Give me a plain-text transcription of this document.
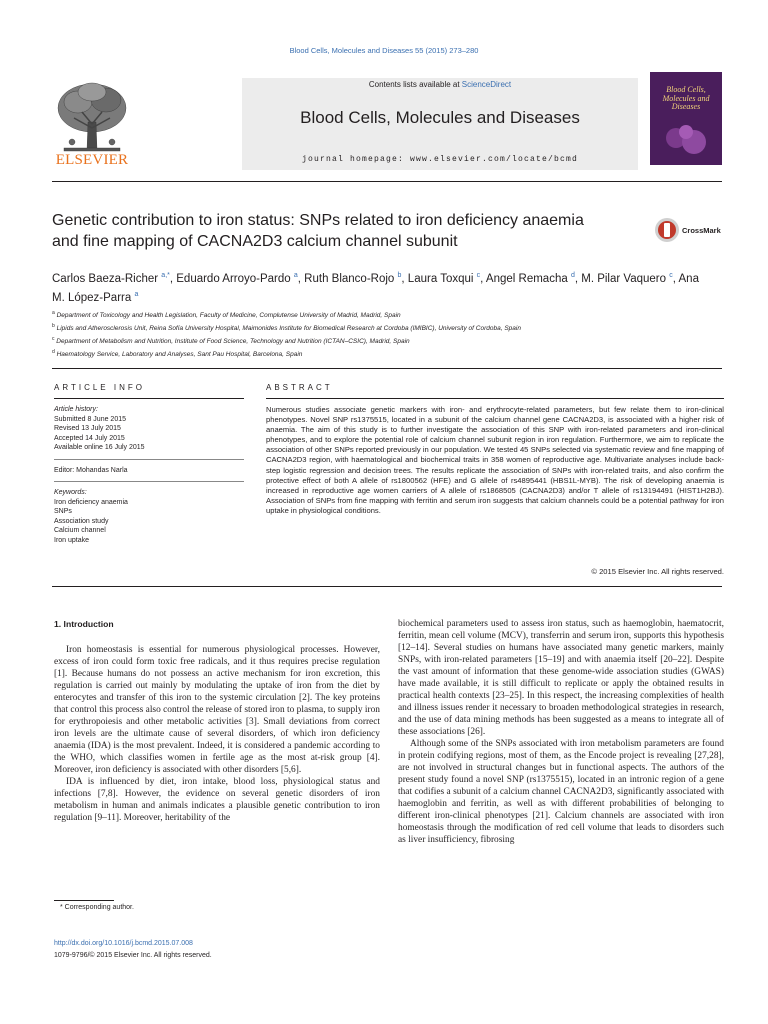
Blood Cells, Molecules and Diseases 55 (2015) 273–280
ELSEVIER
Contents lists available at ScienceDirect
Blood Cells, Molecules and Diseases
journal homepage: www.elsevier.com/locate/bcmd
Blood Cells, Molecules and Diseases
Genetic contribution to iron status: SNPs related to iron deficiency anaemia and fine mapping of CACNA2D3 calcium channel subunit
CrossMark
Carlos Baeza-Richer $^{a,*}$, Eduardo Arroyo-Pardo $^a$, Ruth Blanco-Rojo $^b$, Laura Toxqui $^c$, Angel Remacha $^d$, M. Pilar Vaquero $^c$, Ana M. López-Parra $^a$
$^a$ Department of Toxicology and Health Legislation, Faculty of Medicine, Complutense University of Madrid, Madrid, Spain
$^b$ Lipids and Atherosclerosis Unit, Reina Sofía University Hospital, Maimonides Institute for Biomedical Research at Cordoba (IMIBIC), University of Cordoba, Spain
$^c$ Department of Metabolism and Nutrition, Institute of Food Science, Technology and Nutrition (ICTAN–CSIC), Madrid, Spain
$^d$ Haematology Service, Laboratory and Analyses, Sant Pau Hospital, Barcelona, Spain
ARTICLE INFO	ABSTRACT
Article history:
Submitted 8 June 2015
Revised 13 July 2015
Accepted 14 July 2015
Available online 16 July 2015
Editor: Mohandas Narla
Keywords:
Iron deficiency anaemia
SNPs
Association study
Calcium channel
Iron uptake
Numerous studies associate genetic markers with iron- and erythrocyte-related parameters, but few relate them to iron-clinical phenotypes. Novel SNP rs1375515, located in a subunit of the calcium channel gene CACNA2D3, is associated with a higher risk of anaemia. The aim of this study is to further investigate the association of this SNP with iron-related parameters and iron-clinical phenotypes, and to explore the potential role of calcium channel subunit region in iron regulation. Furthermore, we aim to replicate the association of other SNPs reported previously in our population. We tested 45 SNPs selected via systematic review and fine mapping of CACNA2D3 region, with haematological and biochemical traits in 358 women of reproductive age. Multivariate analyses include back-step logistic regression and decision trees. The results replicate the association of SNPs with iron-related traits, and also confirm the protective effect of both A allele of rs1800562 (HFE) and G allele of rs4895441 (HBS1L-MYB). The risk of developing anaemia is increased in reproductive age women carriers of A allele of rs1868505 (CACNA2D3) and/or T allele of rs13194491 (HIST1H2BJ). Association of SNPs from fine mapping with ferritin and serum iron suggests that calcium channels could be a potential pathway for iron uptake in physiological conditions.
© 2015 Elsevier Inc. All rights reserved.
1. Introduction

Iron homeostasis is essential for numerous physiological processes. However, excess of iron could form toxic free radicals, and it thus requires precise regulation [1]. Because humans do not possess an active mechanism for iron excretion, this regulation is carried out mainly by modulating the uptake of iron from the diet by enterocytes and transfer of this iron to the systemic circulation [2]. The key proteins that control this process also control the release of stored iron to plasma, to supply iron for erythropoiesis and other metabolic activities [3]. Small deviations from correct iron levels are the ultimate cause of several disorders, of which iron deficiency anaemia (IDA) is the most prevalent. Indeed, it is considered a pandemic according to the WHO, which classifies women in fertile age as the most at-risk group [4]. Moreover, iron deficiency is associated with other disorders [5,6].

IDA is influenced by diet, iron intake, blood loss, physiological status and infections [7,8]. However, the evidence on several genetic disorders of iron metabolism in human and animals indicates a plausible genetic contribution to iron regulation [9–11]. Moreover, heritability of the

biochemical parameters used to assess iron status, such as haemoglobin, haematocrit, ferritin, mean cell volume (MCV), transferrin and serum iron, supports this hypothesis [12–14]. Several studies on humans have associated many genetic markers, mainly SNPs, with iron-related parameters [15–19] and with anaemia itself [20–22]. Despite the vast amount of information that these genome-wide association studies (GWAS) have made available, it is still difficult to replicate or apply the obtained results in practical health contexts [23–25]. In this respect, the increasing complexities of health and illness issues render it necessary to broaden methodological strategies in research, and the use of data mining methods has been suggested as a means to integrate all of these associations [26].

Although some of the SNPs associated with iron metabolism parameters are found in protein codifying regions, most of them, as the Encode project is revealing [27,28], are not involved in structural changes but in functional aspects. The authors of the present study found a novel SNP (rs1375515), located in an intronic region of a gene that codifies a subunit of a calcium channel CACNA2D3, significantly associated with haemoglobin and ferritin, as well as with different probabilities of belonging to different iron-clinical phenotypes [21]. Calcium channels are associated with iron homeostasis through the modification of red cell volume that leads to disorders such as liver insufficiency, fibrosing

* Corresponding author.
http://dx.doi.org/10.1016/j.bcmd.2015.07.008
1079-9796/© 2015 Elsevier Inc. All rights reserved.
